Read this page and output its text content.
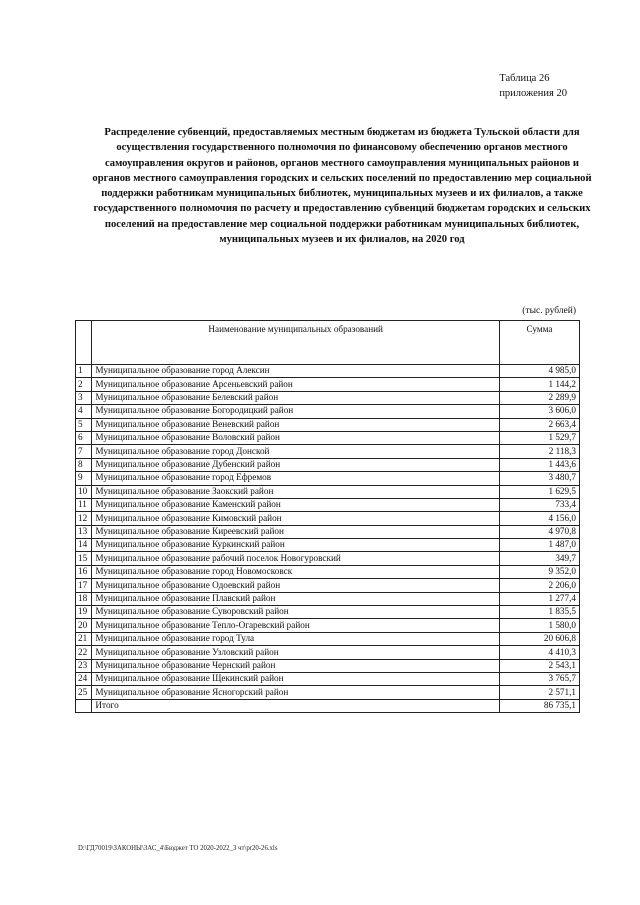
Таблица 26
приложения 20
Распределение субвенций, предоставляемых местным бюджетам из бюджета Тульской области для осуществления государственного полномочия по финансовому обеспечению органов местного самоуправления округов и районов, органов местного самоуправления муниципальных районов и органов местного самоуправления городских и сельских поселений по предоставлению мер социальной поддержки работникам муниципальных библиотек, муниципальных музеев и их филиалов, а также государственного полномочия по расчету и предоставлению субвенций бюджетам городских и сельских поселений на предоставление мер социальной поддержки работникам муниципальных библиотек, муниципальных музеев и их филиалов, на 2020 год
(тыс. рублей)
	Наименование муниципальных образований	Сумма
1	Муниципальное образование город Алексин	4 985,0
2	Муниципальное образование Арсеньевский район	1 144,2
3	Муниципальное образование Белевский район	2 289,9
4	Муниципальное образование Богородицкий район	3 606,0
5	Муниципальное образование Веневский район	2 663,4
6	Муниципальное образование Воловский район	1 529,7
7	Муниципальное образование город Донской	2 118,3
8	Муниципальное образование Дубенский район	1 443,6
9	Муниципальное образование город Ефремов	3 480,7
10	Муниципальное образование Заокский район	1 629,5
11	Муниципальное образование Каменский район	733,4
12	Муниципальное образование Кимовский район	4 156,0
13	Муниципальное образование Киреевский район	4 970,8
14	Муниципальное образование Куркинский район	1 487,0
15	Муниципальное образование рабочий поселок Новогуровский	349,7
16	Муниципальное образование город Новомосковск	9 352,0
17	Муниципальное образование Одоевский район	2 206,0
18	Муниципальное образование Плавский район	1 277,4
19	Муниципальное образование Суворовский район	1 835,5
20	Муниципальное образование Тепло-Огаревский район	1 580,0
21	Муниципальное образование город Тула	20 606,8
22	Муниципальное образование Узловский район	4 410,3
23	Муниципальное образование Чернский район	2 543,1
24	Муниципальное образование Щекинский район	3 765,7
25	Муниципальное образование Ясногорский район	2 571,1
	Итого	86 735,1
D:\ГД70019\ЗАКОНЫ\ЗАС_4\Бюджет ТО 2020-2022_3 чт\pr20-26.xls
